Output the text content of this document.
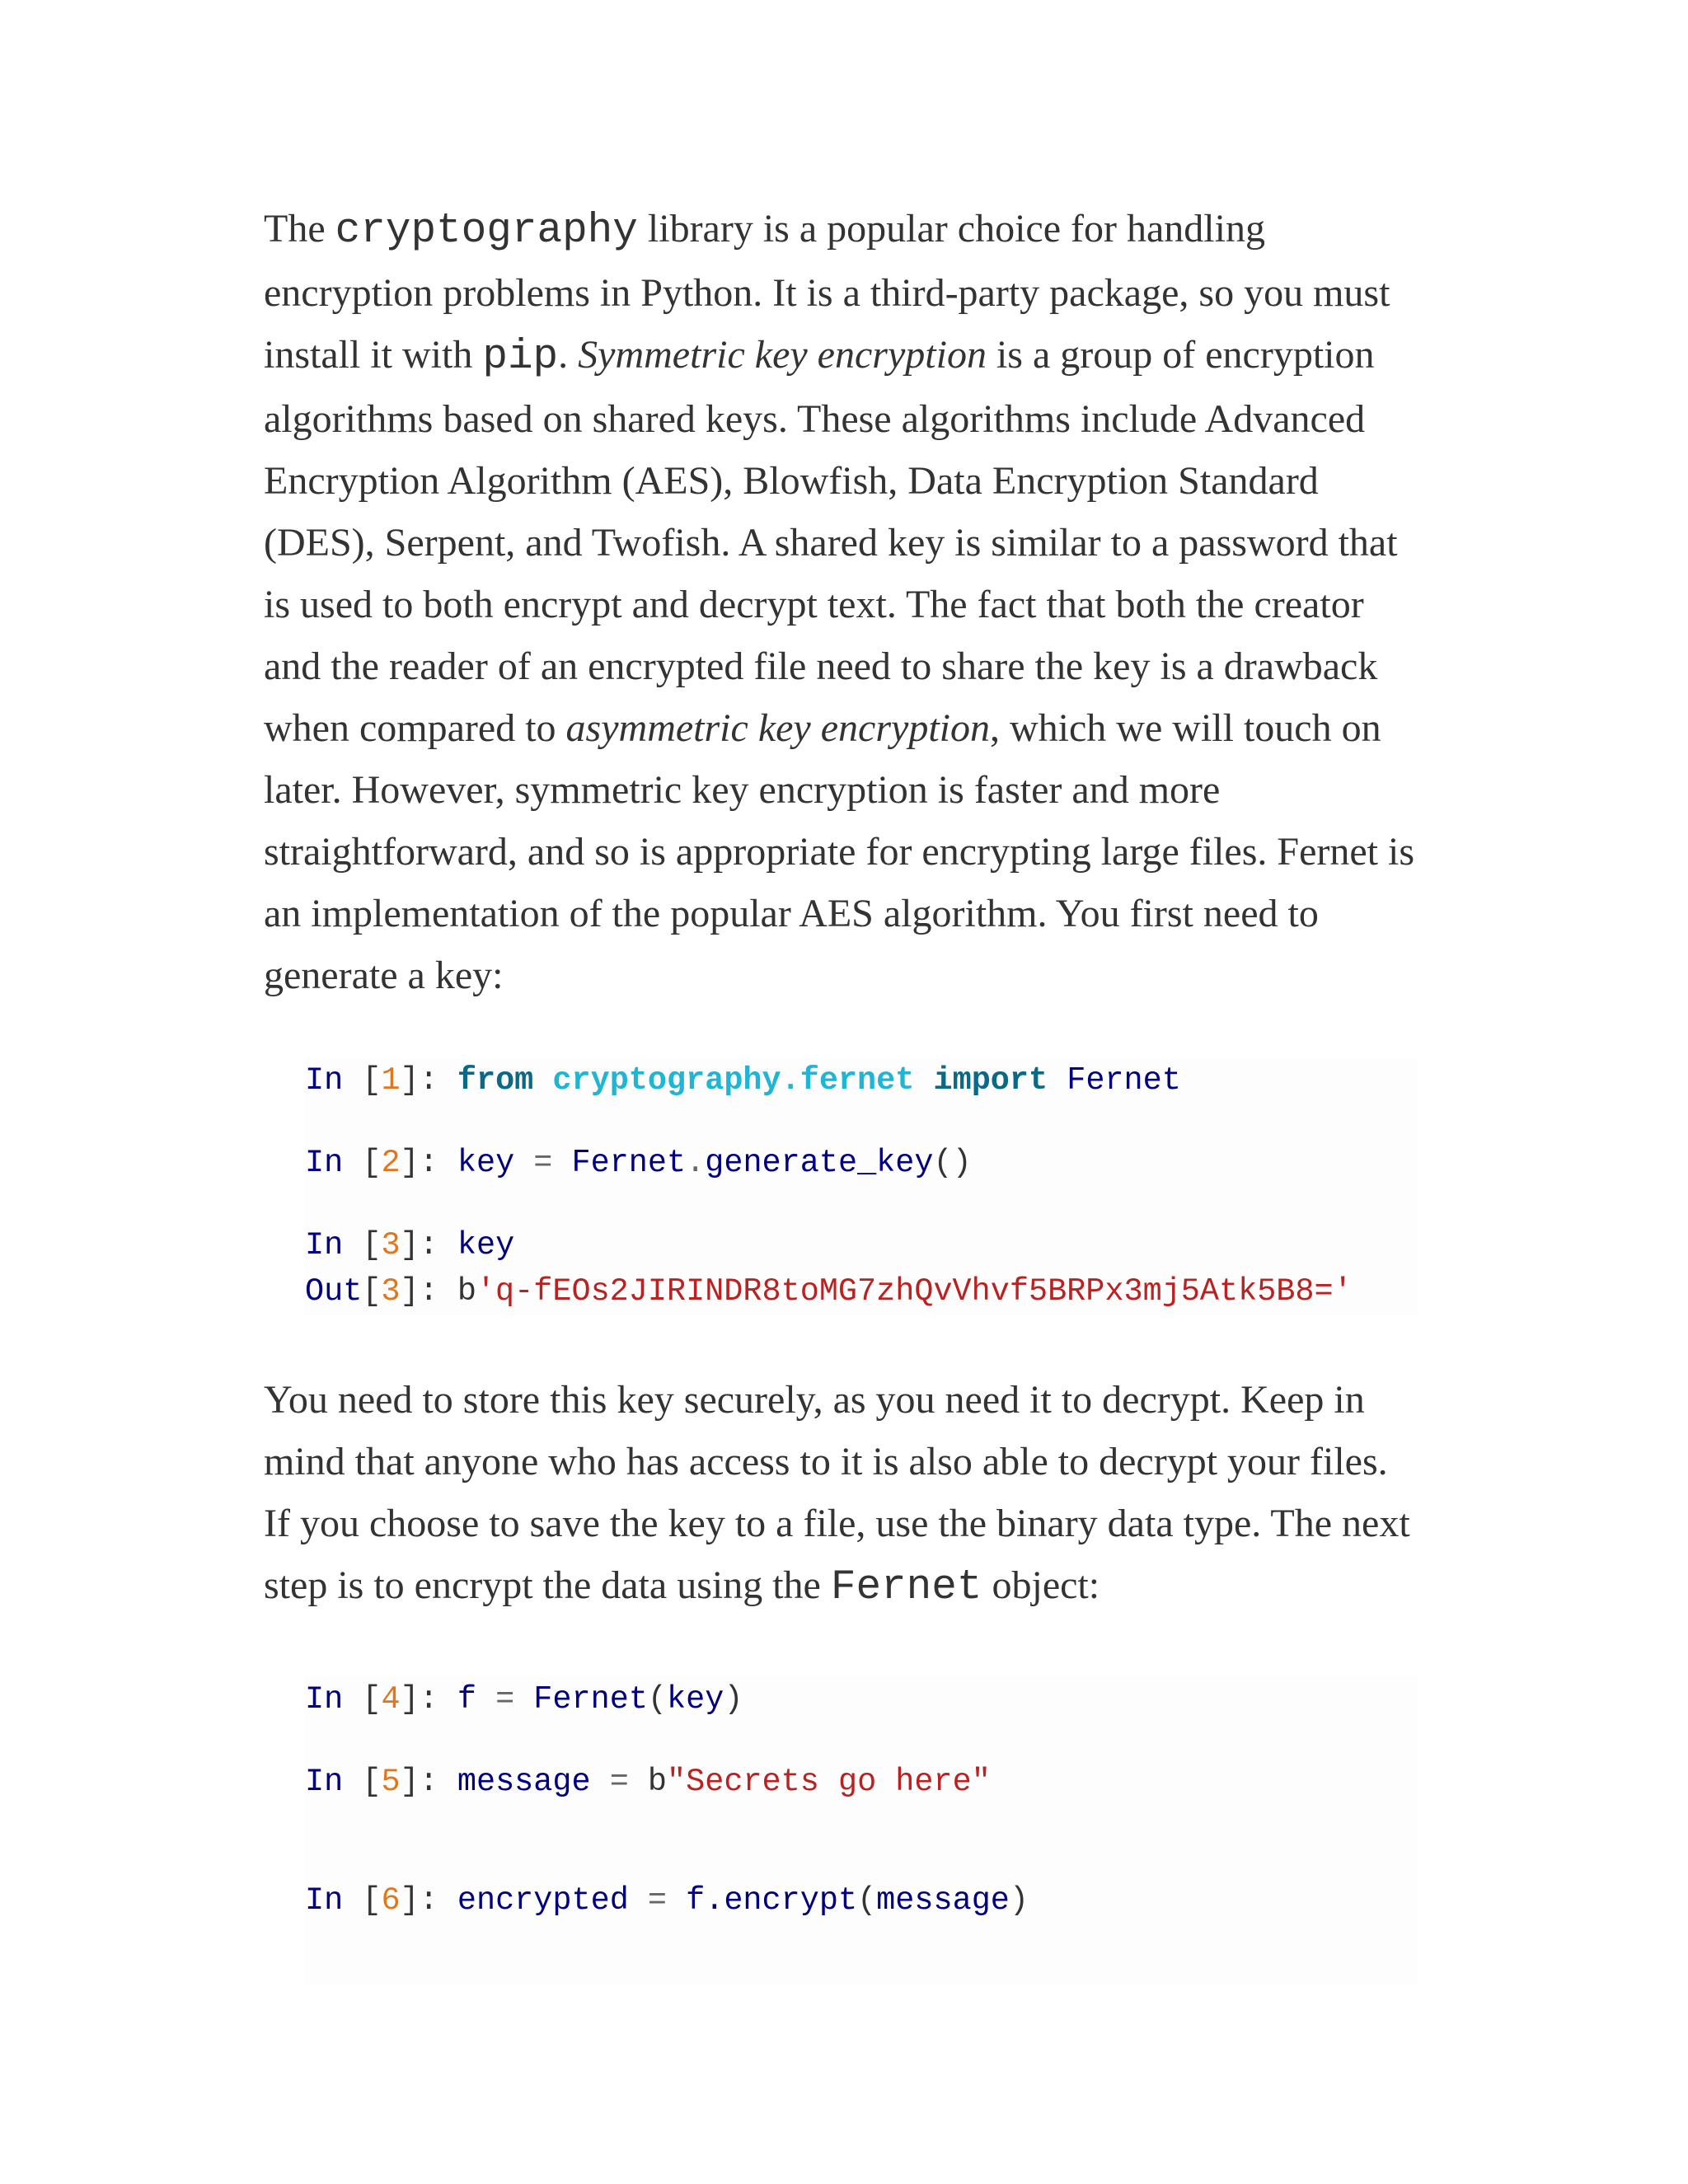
The cryptography library is a popular choice for handling encryption problems in Python. It is a third-party package, so you must install it with pip. Symmetric key encryption is a group of encryption algorithms based on shared keys. These algorithms include Advanced Encryption Algorithm (AES), Blowfish, Data Encryption Standard (DES), Serpent, and Twofish. A shared key is similar to a password that is used to both encrypt and decrypt text. The fact that both the creator and the reader of an encrypted file need to share the key is a drawback when compared to asymmetric key encryption, which we will touch on later. However, symmetric key encryption is faster and more straightforward, and so is appropriate for encrypting large files. Fernet is an implementation of the popular AES algorithm. You first need to generate a key:

In [1]: from cryptography.fernet import Fernet
In [2]: key = Fernet.generate_key()
In [3]: key
Out[3]: b'q-fEOs2JIRINDR8toMG7zhQvVhvf5BRPx3mj5Atk5B8='

You need to store this key securely, as you need it to decrypt. Keep in mind that anyone who has access to it is also able to decrypt your files. If you choose to save the key to a file, use the binary data type. The next step is to encrypt the data using the Fernet object:

In [4]: f = Fernet(key)
In [5]: message = b"Secrets go here"
In [6]: encrypted = f.encrypt(message)
